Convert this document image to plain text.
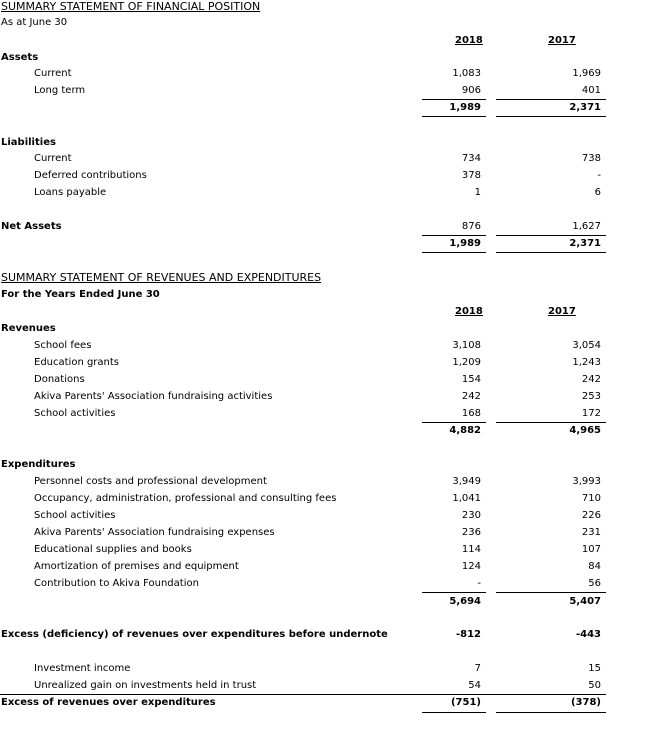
SUMMARY STATEMENT OF FINANCIAL POSITION
As at June 30
2018	2017
Assets
Current	1,083	1,969
Long term	906	401
1,989	2,371
Liabilities
Current	734	738
Deferred contributions	378	-
Loans payable	1	6
Net Assets	876	1,627
1,989	2,371
SUMMARY STATEMENT OF REVENUES AND EXPENDITURES
For the Years Ended June 30
2018	2017
Revenues
School fees	3,108	3,054
Education grants	1,209	1,243
Donations	154	242
Akiva Parents' Association fundraising activities	242	253
School activities	168	172
4,882	4,965
Expenditures
Personnel costs and professional development	3,949	3,993
Occupancy, administration, professional and consulting fees	1,041	710
School activities	230	226
Akiva Parents' Association fundraising expenses	236	231
Educational supplies and books	114	107
Amortization of premises and equipment	124	84
Contribution to Akiva Foundation	-	56
5,694	5,407
Excess (deficiency) of revenues over expenditures before undernote	-812	-443
Investment income	7	15
Unrealized gain on investments held in trust	54	50
Excess of revenues over expenditures	(751)	(378)
